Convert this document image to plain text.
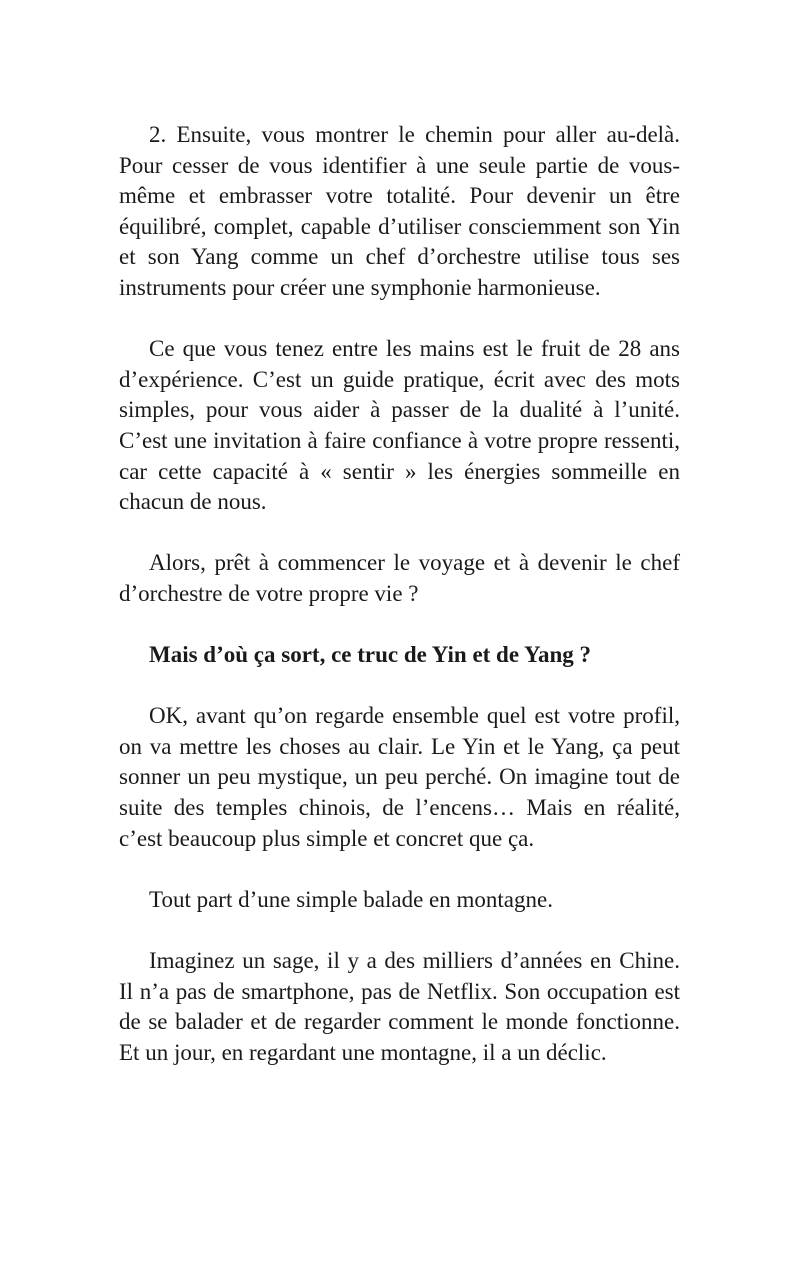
2. Ensuite, vous montrer le chemin pour aller au-delà. Pour cesser de vous identifier à une seule partie de vous-même et embrasser votre totalité. Pour devenir un être équilibré, complet, capable d’utiliser consciemment son Yin et son Yang comme un chef d’orchestre utilise tous ses instruments pour créer une symphonie harmonieuse.

Ce que vous tenez entre les mains est le fruit de 28 ans d’expérience. C’est un guide pratique, écrit avec des mots simples, pour vous aider à passer de la dualité à l’unité. C’est une invitation à faire confiance à votre propre ressenti, car cette capacité à « sentir » les énergies sommeille en chacun de nous.

Alors, prêt à commencer le voyage et à devenir le chef d’orchestre de votre propre vie ?

Mais d’où ça sort, ce truc de Yin et de Yang ?

OK, avant qu’on regarde ensemble quel est votre profil, on va mettre les choses au clair. Le Yin et le Yang, ça peut sonner un peu mystique, un peu perché. On imagine tout de suite des temples chinois, de l’encens… Mais en réalité, c’est beaucoup plus simple et concret que ça.

Tout part d’une simple balade en montagne.

Imaginez un sage, il y a des milliers d’années en Chine. Il n’a pas de smartphone, pas de Netflix. Son occupation est de se balader et de regarder comment le monde fonctionne. Et un jour, en regardant une montagne, il a un déclic.
